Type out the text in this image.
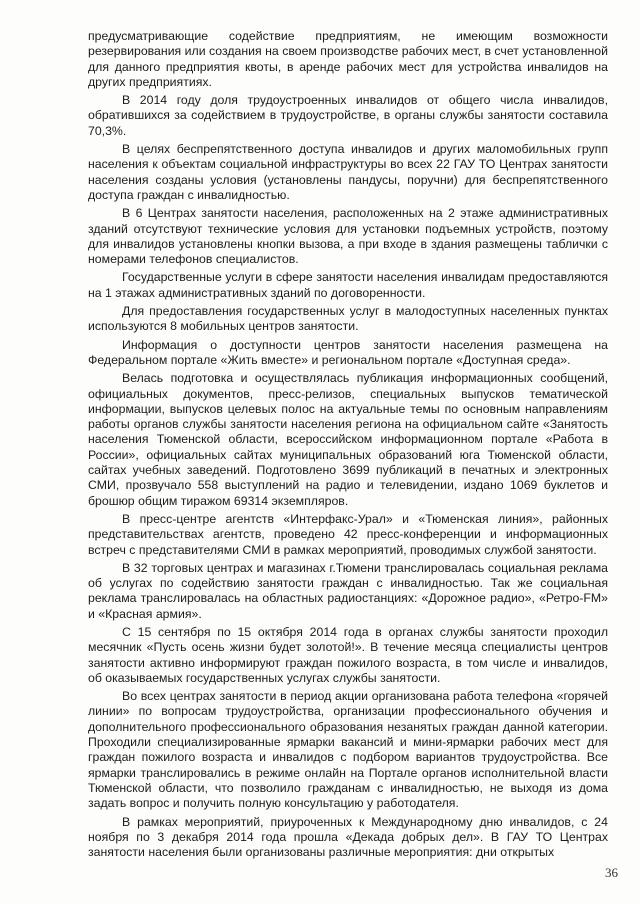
предусматривающие содействие предприятиям, не имеющим возможности резервирования или создания на своем производстве рабочих мест, в счет установленной для данного предприятия квоты, в аренде рабочих мест для устройства инвалидов на других предприятиях.

В 2014 году доля трудоустроенных инвалидов от общего числа инвалидов, обратившихся за содействием в трудоустройстве, в органы службы занятости составила 70,3%.

В целях беспрепятственного доступа инвалидов и других маломобильных групп населения к объектам социальной инфраструктуры во всех 22 ГАУ ТО Центрах занятости населения созданы условия (установлены пандусы, поручни) для беспрепятственного доступа граждан с инвалидностью.

В 6 Центрах занятости населения, расположенных на 2 этаже административных зданий отсутствуют технические условия для установки подъемных устройств, поэтому для инвалидов установлены кнопки вызова, а при входе в здания размещены таблички с номерами телефонов специалистов.

Государственные услуги в сфере занятости населения инвалидам предоставляются на 1 этажах административных зданий по договоренности.

Для предоставления государственных услуг в малодоступных населенных пунктах используются 8 мобильных центров занятости.

Информация о доступности центров занятости населения размещена на Федеральном портале «Жить вместе» и региональном портале «Доступная среда».

Велась подготовка и осуществлялась публикация информационных сообщений, официальных документов, пресс-релизов, специальных выпусков тематической информации, выпусков целевых полос на актуальные темы по основным направлениям работы органов службы занятости населения региона на официальном сайте «Занятость населения Тюменской области, всероссийском информационном портале «Работа в России», официальных сайтах муниципальных образований юга Тюменской области, сайтах учебных заведений. Подготовлено 3699 публикаций в печатных и электронных СМИ, прозвучало 558 выступлений на радио и телевидении, издано 1069 буклетов и брошюр общим тиражом 69314 экземпляров.

В пресс-центре агентств «Интерфакс-Урал» и «Тюменская линия», районных представительствах агентств, проведено 42 пресс-конференции и информационных встреч с представителями СМИ в рамках мероприятий, проводимых службой занятости.

В 32 торговых центрах и магазинах г.Тюмени транслировалась социальная реклама об услугах по содействию занятости граждан с инвалидностью. Так же социальная реклама транслировалась на областных радиостанциях: «Дорожное радио», «Ретро-FM» и «Красная армия».

С 15 сентября по 15 октября 2014 года в органах службы занятости проходил месячник «Пусть осень жизни будет золотой!». В течение месяца специалисты центров занятости активно информируют граждан пожилого возраста, в том числе и инвалидов, об оказываемых государственных услугах службы занятости.

Во всех центрах занятости в период акции организована работа телефона «горячей линии» по вопросам трудоустройства, организации профессионального обучения и дополнительного профессионального образования незанятых граждан данной категории. Проходили специализированные ярмарки вакансий и мини-ярмарки рабочих мест для граждан пожилого возраста и инвалидов с подбором вариантов трудоустройства. Все ярмарки транслировались в режиме онлайн на Портале органов исполнительной власти Тюменской области, что позволило гражданам с инвалидностью, не выходя из дома задать вопрос и получить полную консультацию у работодателя.

В рамках мероприятий, приуроченных к Международному дню инвалидов, с 24 ноября по 3 декабря 2014 года прошла «Декада добрых дел». В ГАУ ТО Центрах занятости населения были организованы различные мероприятия: дни открытых

36
